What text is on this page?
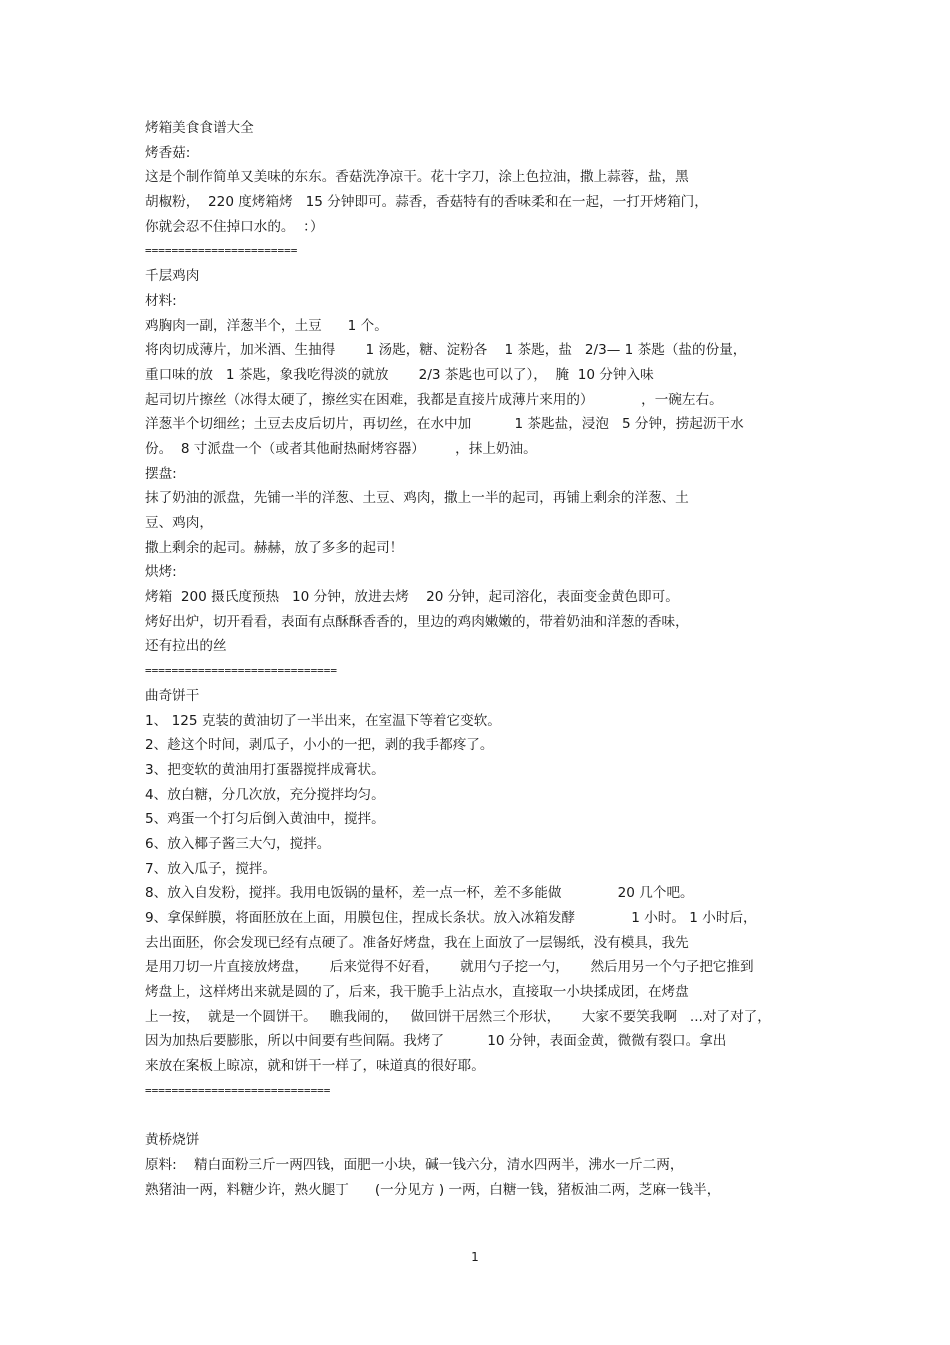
烤箱美食食谱大全
烤香菇:
这是个制作简单又美味的东东。香菇洗净凉干。花十字刀，涂上色拉油，撒上蒜蓉，盐，黑
胡椒粉，  220 度烤箱烤   15 分钟即可。蒜香，香菇特有的香味柔和在一起，一打开烤箱门，
你就会忍不住掉口水的。  ：）
=======================
千层鸡肉
材料:
鸡胸肉一副，洋葱半个，土豆      1 个。
将肉切成薄片，加米酒、生抽得       1 汤匙，糖、淀粉各    1 茶匙，盐   2/3— 1 茶匙（盐的份量，
重口味的放   1 茶匙，象我吃得淡的就放       2/3 茶匙也可以了），  腌  10 分钟入味
起司切片擦丝（冰得太硬了，擦丝实在困难，我都是直接片成薄片来用的）           ，一碗左右。
洋葱半个切细丝；土豆去皮后切片，再切丝，在水中加          1 茶匙盐，浸泡   5 分钟，捞起沥干水
份。  8 寸派盘一个（或者其他耐热耐烤容器）       ，抹上奶油。
摆盘:
抹了奶油的派盘，先铺一半的洋葱、土豆、鸡肉，撒上一半的起司，再铺上剩余的洋葱、土
豆、鸡肉，
撒上剩余的起司。赫赫，放了多多的起司！
烘烤:
烤箱  200 摄氏度预热   10 分钟，放进去烤    20 分钟，起司溶化，表面变金黄色即可。
烤好出炉，切开看看，表面有点酥酥香香的，里边的鸡肉嫩嫩的，带着奶油和洋葱的香味，
还有拉出的丝
=============================
曲奇饼干
1、 125 克装的黄油切了一半出来，在室温下等着它变软。
2、趁这个时间，剥瓜子，小小的一把，剥的我手都疼了。
3、把变软的黄油用打蛋器搅拌成膏状。
4、放白糖，分几次放，充分搅拌均匀。
5、鸡蛋一个打匀后倒入黄油中，搅拌。
6、放入椰子酱三大勺，搅拌。
7、放入瓜子，搅拌。
8、放入自发粉，搅拌。我用电饭锅的量杯，差一点一杯，差不多能做             20 几个吧。
9、拿保鲜膜，将面胚放在上面，用膜包住，捏成长条状。放入冰箱发酵             1 小时。 1 小时后，
去出面胚，你会发现已经有点硬了。准备好烤盘，我在上面放了一层锡纸，没有模具，我先
是用刀切一片直接放烤盘，     后来觉得不好看，     就用勺子挖一勺，     然后用另一个勺子把它推到
烤盘上，这样烤出来就是圆的了，后来，我干脆手上沾点水，直接取一小块揉成团，在烤盘
上一按，  就是一个圆饼干。   瞧我闹的，   做回饼干居然三个形状，     大家不要笑我啊   ...对了对了，
因为加热后要膨胀，所以中间要有些间隔。我烤了          10 分钟，表面金黄，微微有裂口。拿出
来放在案板上晾凉，就和饼干一样了，味道真的很好耶。
============================
黄桥烧饼
原料:    精白面粉三斤一两四钱，面肥一小块，碱一钱六分，清水四两半，沸水一斤二两，
熟猪油一两，料糖少许，熟火腿丁      (一分见方 ) 一两，白糖一钱，猪板油二两，芝麻一钱半，
1
